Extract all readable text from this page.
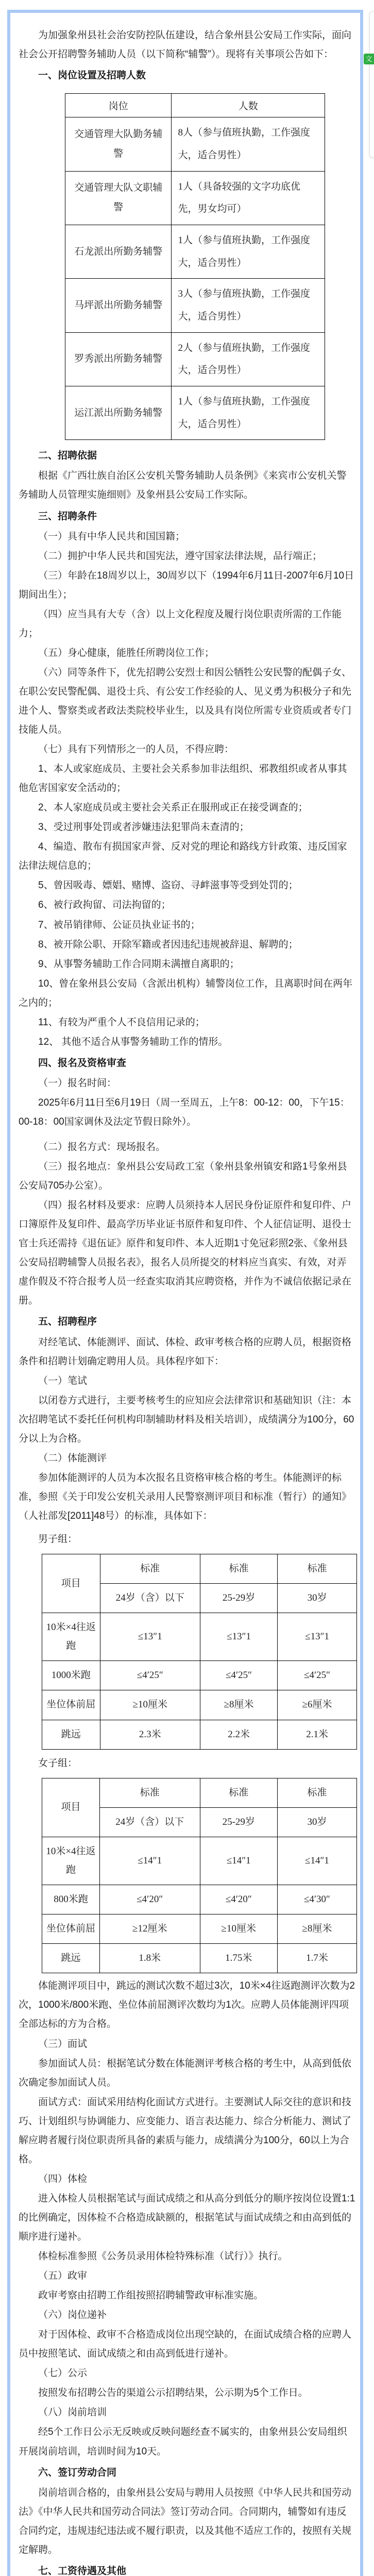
为加强象州县社会治安防控队伍建设，结合象州县公安局工作实际，面向社会公开招聘警务辅助人员（以下简称“辅警”）。现将有关事项公告如下：

一、岗位设置及招聘人数
岗位	人数
交通管理大队勤务辅警	8人（参与值班执勤，工作强度大，适合男性）
交通管理大队文职辅警	1人（具备较强的文字功底优先，男女均可）
石龙派出所勤务辅警	1人（参与值班执勤，工作强度大，适合男性）
马坪派出所勤务辅警	3人（参与值班执勤，工作强度大，适合男性）
罗秀派出所勤务辅警	2人（参与值班执勤，工作强度大，适合男性）
运江派出所勤务辅警	1人（参与值班执勤，工作强度大，适合男性）
二、招聘依据

根据《广西壮族自治区公安机关警务辅助人员条例》《来宾市公安机关警务辅助人员管理实施细则》及象州县公安局工作实际。

三、招聘条件

（一）具有中华人民共和国国籍；

（二）拥护中华人民共和国宪法，遵守国家法律法规，品行端正；

（三）年龄在18周岁以上，30周岁以下（1994年6月11日-2007年6月10日期间出生）；

（四）应当具有大专（含）以上文化程度及履行岗位职责所需的工作能力；

（五）身心健康，能胜任所聘岗位工作；

（六）同等条件下，优先招聘公安烈士和因公牺牲公安民警的配偶子女、在职公安民警配偶、退役士兵、有公安工作经验的人、见义勇为积极分子和先进个人、警察类或者政法类院校毕业生，以及具有岗位所需专业资质或者专门技能人员。

（七）具有下列情形之一的人员，不得应聘：

1、本人或家庭成员、主要社会关系参加非法组织、邪教组织或者从事其他危害国家安全活动的；

2、本人家庭成员或主要社会关系正在服刑或正在接受调查的；

3、受过刑事处罚或者涉嫌违法犯罪尚未查清的；

4、编造、散布有损国家声誉、反对党的理论和路线方针政策、违反国家法律法规信息的；

5、曾因吸毒、嫖娼、赌博、盗窃、寻衅滋事等受到处罚的；

6、被行政拘留、司法拘留的；

7、被吊销律师、公证员执业证书的；

8、被开除公职、开除军籍或者因违纪违规被辞退、解聘的；

9、从事警务辅助工作合同期未满擅自离职的；

10、曾在象州县公安局（含派出机构）辅警岗位工作，且离职时间在两年之内的；

11、有较为严重个人不良信用记录的；

12、 其他不适合从事警务辅助工作的情形。

四、报名及资格审查

（一）报名时间：

2025年6月11日至6月19日（周一至周五，上午8：00-12：00，下午15：00-18：00国家调休及法定节假日除外）。

（二）报名方式：现场报名。

（三）报名地点：象州县公安局政工室（象州县象州镇安和路1号象州县公安局705办公室）。

（四）报名材料及要求：应聘人员须持本人居民身份证原件和复印件、户口簿原件及复印件、最高学历毕业证书原件和复印件、个人征信证明、退役士官士兵还需持《退伍证》原件和复印件、本人近期1寸免冠彩照2张、《象州县公安局招聘辅警人员报名表》，报名人员所提交的材料应当真实、有效，对弄虚作假及不符合报考人员一经查实取消其应聘资格，并作为不诚信依据记录在册。

五、招聘程序

对经笔试、体能测评、面试、体检、政审考核合格的应聘人员，根据资格条件和招聘计划确定聘用人员。具体程序如下：

（一）笔试

以闭卷方式进行，主要考核考生的应知应会法律常识和基础知识（注：本次招聘笔试不委托任何机构印制辅助材料及相关培训），成绩满分为100分，60分以上为合格。

（二）体能测评

参加体能测评的人员为本次报名且资格审核合格的考生。体能测评的标准，参照《关于印发公安机关录用人民警察测评项目和标准（暂行）的通知》（人社部发[2011]48号）的标准，具体如下：

男子组：

项目	标准	标准	标准
	24岁（含）以下	25-29岁	30岁
10米×4往返跑	≤13″1	≤13″1	≤13″1
1000米跑	≤4′25″	≤4′25″	≤4′25″
坐位体前屈	≥10厘米	≥8厘米	≥6厘米
跳远	2.3米	2.2米	2.1米

女子组：

项目	标准	标准	标准
	24岁（含）以下	25-29岁	30岁
10米×4往返跑	≤14″1	≤14″1	≤14″1
800米跑	≤4′20″	≤4′20″	≤4′30″
坐位体前屈	≥12厘米	≥10厘米	≥8厘米
跳远	1.8米	1.75米	1.7米

体能测评项目中，跳远的测试次数不超过3次，10米×4往返跑测评次数为2次，1000米/800米跑、坐位体前屈测评次数均为1次。应聘人员体能测评四项全部达标的方为合格。

（三）面试

参加面试人员：根据笔试分数在体能测评考核合格的考生中，从高到低依次确定参加面试人员。

面试方式：面试采用结构化面试方式进行。主要测试人际交往的意识和技巧、计划组织与协调能力、应变能力、语言表达能力、综合分析能力、测试了解应聘者履行岗位职责所具备的素质与能力，成绩满分为100分，60以上为合格。

（四）体检

进入体检人员根据笔试与面试成绩之和从高分到低分的顺序按岗位设置1:1的比例确定，因体检不合格造成缺额的，根据笔试与面试成绩之和由高到低的顺序进行递补。

体检标准参照《公务员录用体检特殊标准（试行）》执行。

（五）政审

政审考察由招聘工作组按照招聘辅警政审标准实施。

（六）岗位递补

对于因体检、政审不合格造成岗位出现空缺的，在面试成绩合格的应聘人员中按照笔试、面试成绩之和由高到低进行递补。

（七）公示

按照发布招聘公告的渠道公示招聘结果，公示期为5个工作日。

（八）岗前培训

经5个工作日公示无反映或反映问题经查不属实的，由象州县公安局组织开展岗前培训，培训时间为10天。

六、签订劳动合同

岗前培训合格的，由象州县公安局与聘用人员按照《中华人民共和国劳动法》《中华人民共和国劳动合同法》签订劳动合同。合同期内，辅警如有违反合同约定，违规违纪违法或不履行职责，以及其他不适应工作的，按照有关规定解聘。

七、工资待遇及其他

文
